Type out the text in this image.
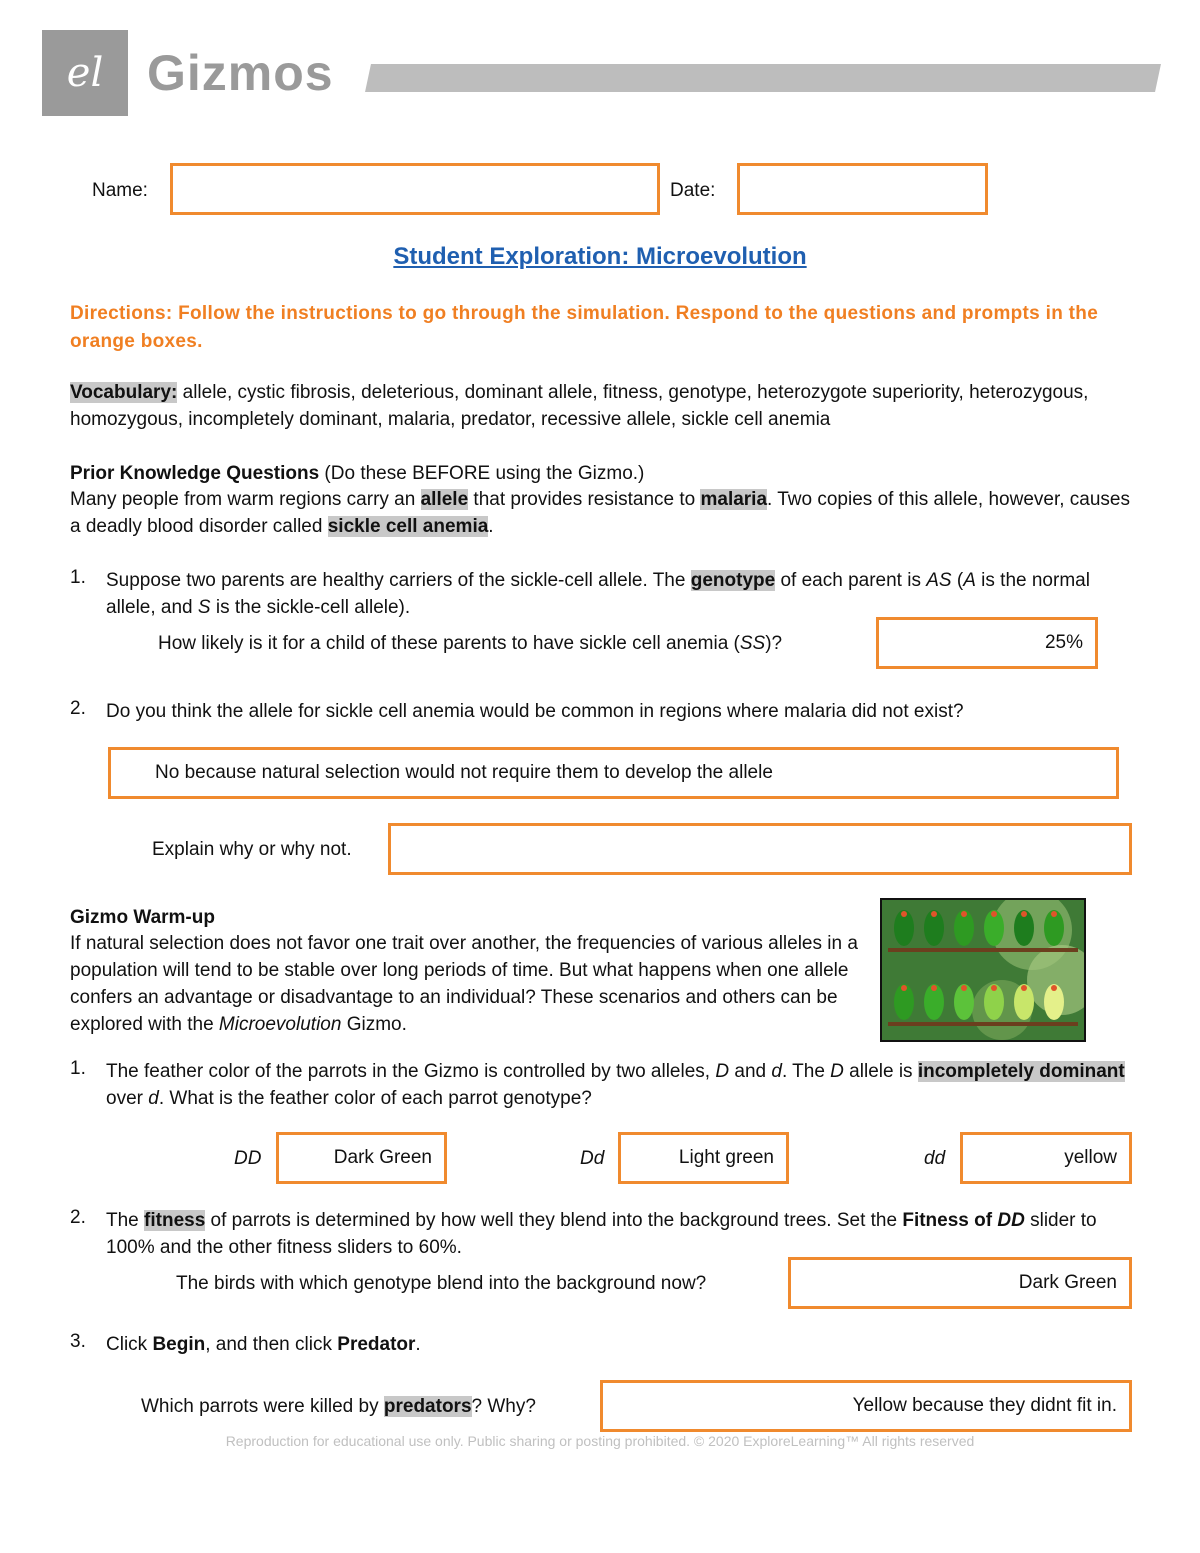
el Gizmos
Name:	Date:
Student Exploration: Microevolution
Directions: Follow the instructions to go through the simulation. Respond to the questions and prompts in the orange boxes.
Vocabulary: allele, cystic fibrosis, deleterious, dominant allele, fitness, genotype, heterozygote superiority, heterozygous, homozygous, incompletely dominant, malaria, predator, recessive allele, sickle cell anemia
Prior Knowledge Questions (Do these BEFORE using the Gizmo.)
Many people from warm regions carry an allele that provides resistance to malaria. Two copies of this allele, however, causes a deadly blood disorder called sickle cell anemia.
1. Suppose two parents are healthy carriers of the sickle-cell allele. The genotype of each parent is AS (A is the normal allele, and S is the sickle-cell allele).
How likely is it for a child of these parents to have sickle cell anemia (SS)?	25%
2. Do you think the allele for sickle cell anemia would be common in regions where malaria did not exist?
No because natural selection would not require them to develop the allele
Explain why or why not.
Gizmo Warm-up
If natural selection does not favor one trait over another, the frequencies of various alleles in a population will tend to be stable over long periods of time. But what happens when one allele confers an advantage or disadvantage to an individual? These scenarios and others can be explored with the Microevolution Gizmo.
1. The feather color of the parrots in the Gizmo is controlled by two alleles, D and d. The D allele is incompletely dominant over d. What is the feather color of each parrot genotype?
DD	Dark Green	Dd	Light green	dd	yellow
2. The fitness of parrots is determined by how well they blend into the background trees. Set the Fitness of DD slider to 100% and the other fitness sliders to 60%.
The birds with which genotype blend into the background now?	Dark Green
3. Click Begin, and then click Predator.
Which parrots were killed by predators? Why?	Yellow because they didnt fit in.
Reproduction for educational use only. Public sharing or posting prohibited. © 2020 ExploreLearning™ All rights reserved
